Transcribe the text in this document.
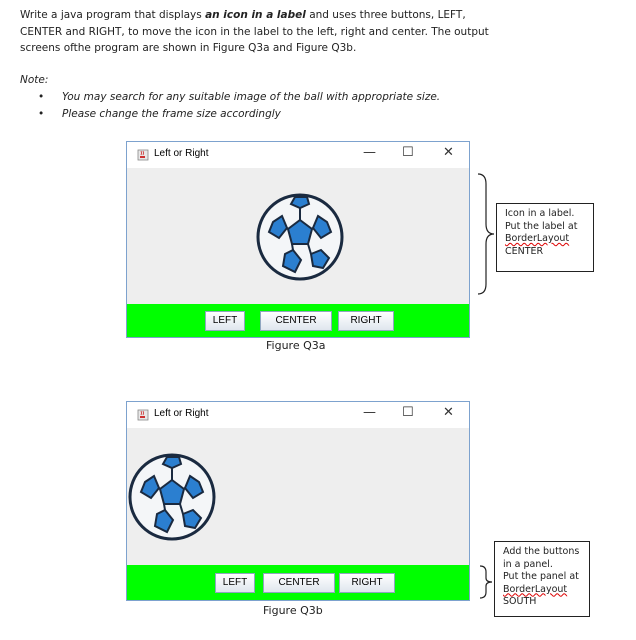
Write a java program that displays an icon in a label and uses three buttons, LEFT,
CENTER and RIGHT, to move the icon in the label to the left, right and center. The output
screens ofthe program are shown in Figure Q3a and Figure Q3b.
Note:
• You may search for any suitable image of the ball with appropriate size.
• Please change the frame size accordingly
Left or Right	— ☐ ✕
LEFT	CENTER	RIGHT
Figure Q3a
Icon in a label.
Put the label at
BorderLayout
CENTER
Left or Right	— ☐ ✕
LEFT	CENTER	RIGHT
Figure Q3b
Add the buttons
in a panel.
Put the panel at
BorderLayout
SOUTH
